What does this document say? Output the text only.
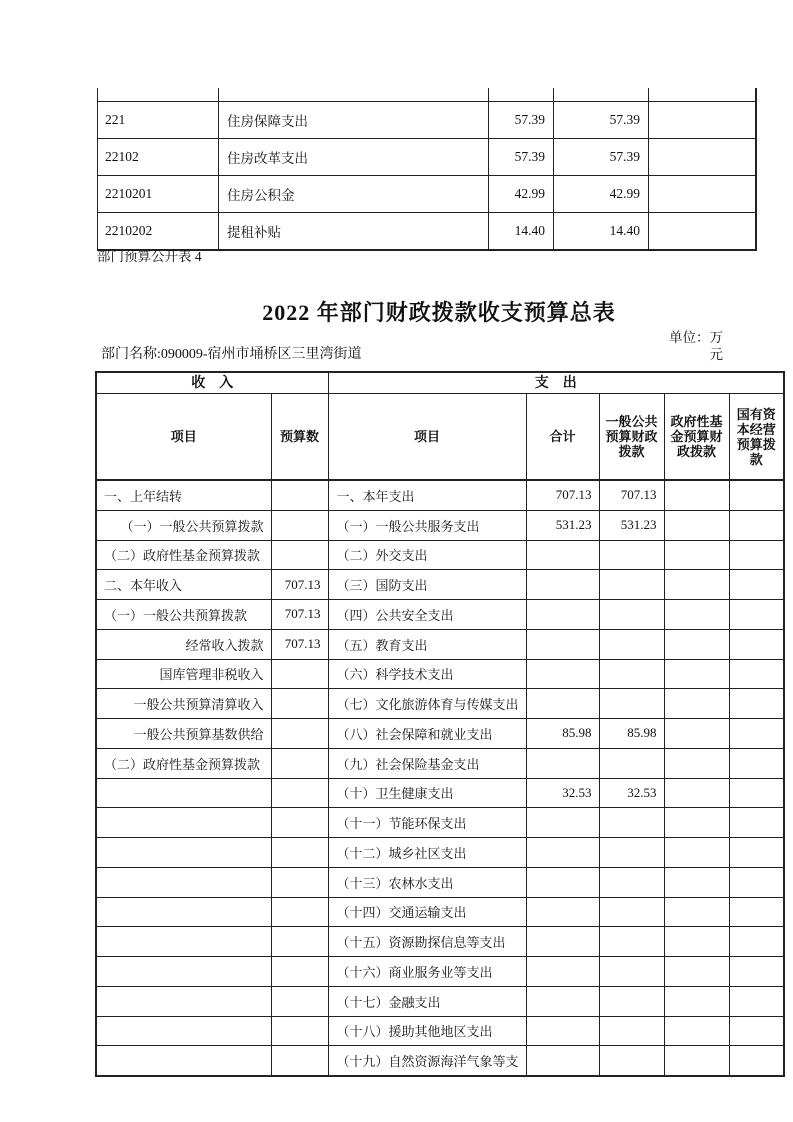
221	住房保障支出	57.39	57.39	
22102	住房改革支出	57.39	57.39	
2210201	住房公积金	42.99	42.99	
2210202	提租补贴	14.40	14.40	
部门预算公开表 4
2022 年部门财政拨款收支预算总表
部门名称:090009-宿州市埇桥区三里湾街道
单位：万元
收　入		支　出				
项目	预算数	项目	合计	一般公共预算财政拨款	政府性基金预算财政拨款	国有资本经营预算拨款
一、上年结转		一、本年支出	707.13	707.13		
（一）一般公共预算拨款		（一）一般公共服务支出	531.23	531.23		
（二）政府性基金预算拨款		（二）外交支出				
二、本年收入	707.13	（三）国防支出				
（一）一般公共预算拨款	707.13	（四）公共安全支出				
经常收入拨款	707.13	（五）教育支出				
国库管理非税收入		（六）科学技术支出				
一般公共预算清算收入		（七）文化旅游体育与传媒支出				
一般公共预算基数供给		（八）社会保障和就业支出	85.98	85.98		
（二）政府性基金预算拨款		（九）社会保险基金支出				
		（十）卫生健康支出	32.53	32.53		
		（十一）节能环保支出				
		（十二）城乡社区支出				
		（十三）农林水支出				
		（十四）交通运输支出				
		（十五）资源勘探信息等支出				
		（十六）商业服务业等支出				
		（十七）金融支出				
		（十八）援助其他地区支出				
		（十九）自然资源海洋气象等支				
